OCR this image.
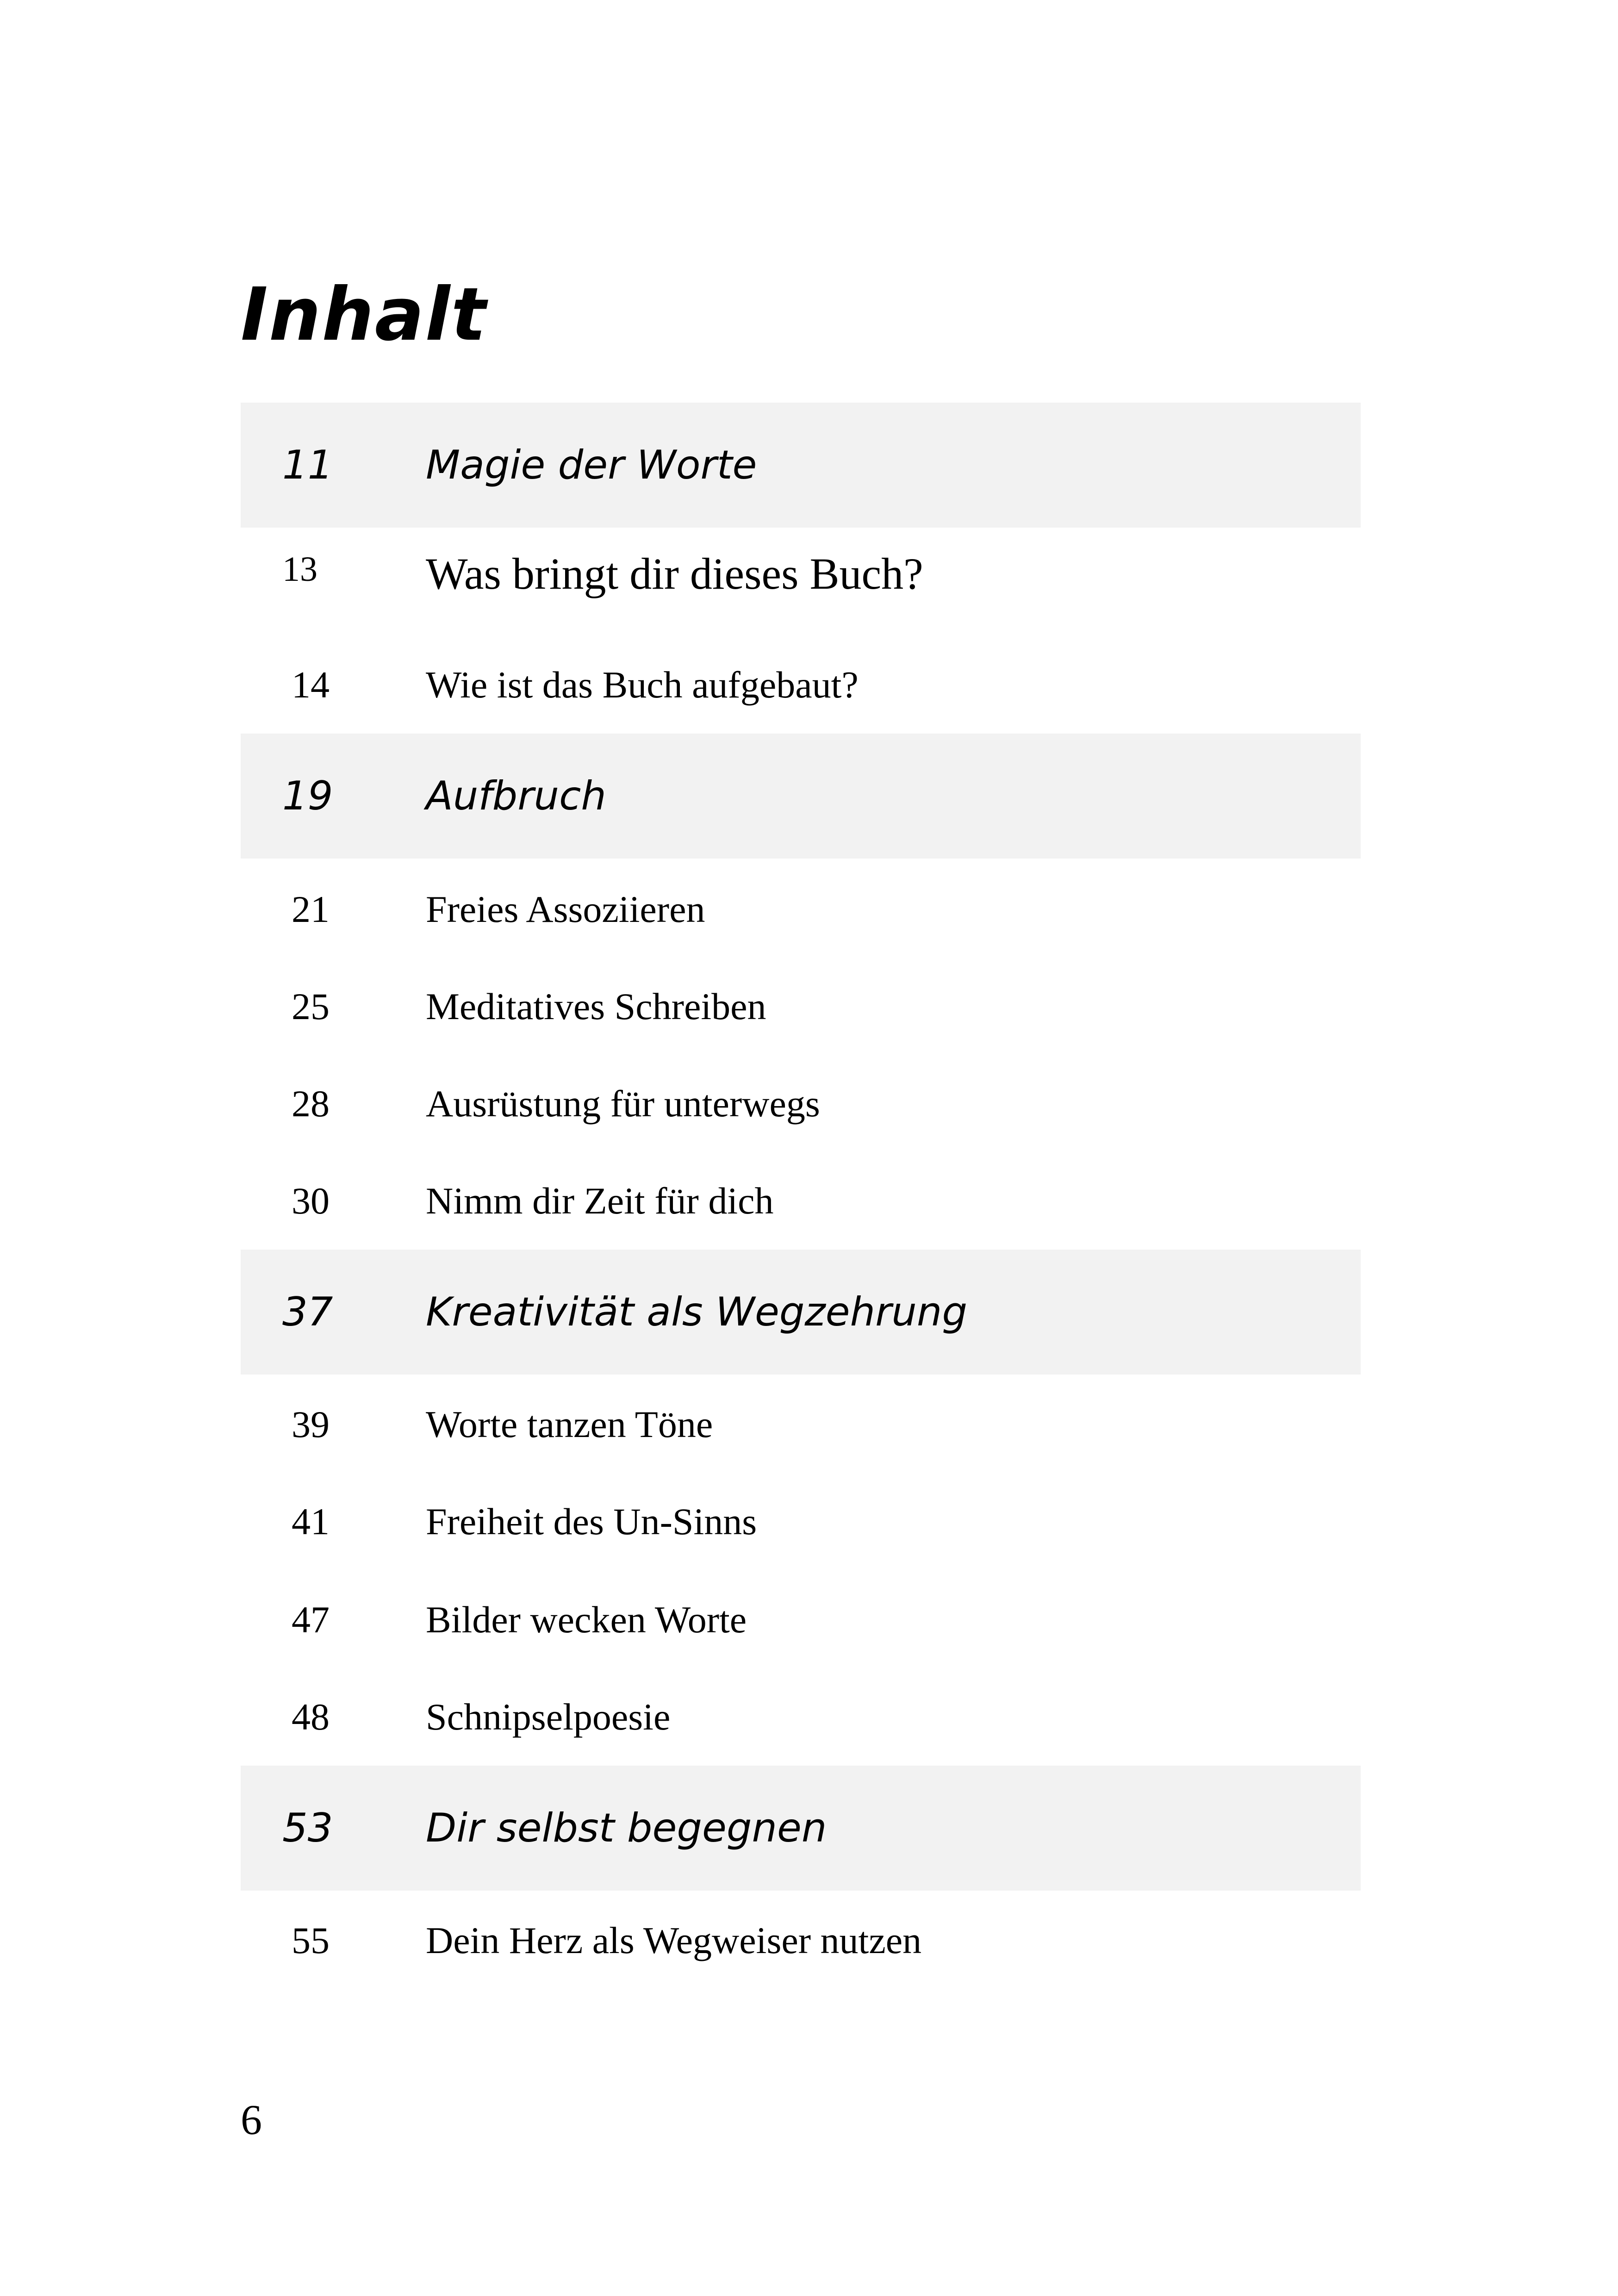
Inhalt
11	Magie der Worte
13	Was bringt dir dieses Buch?
14	Wie ist das Buch aufgebaut?
19	Aufbruch
21	Freies Assoziieren
25	Meditatives Schreiben
28	Ausrüstung für unterwegs
30	Nimm dir Zeit für dich
37	Kreativität als Wegzehrung
39	Worte tanzen Töne
41	Freiheit des Un-Sinns
47	Bilder wecken Worte
48	Schnipselpoesie
53	Dir selbst begegnen
55	Dein Herz als Wegweiser nutzen
6
